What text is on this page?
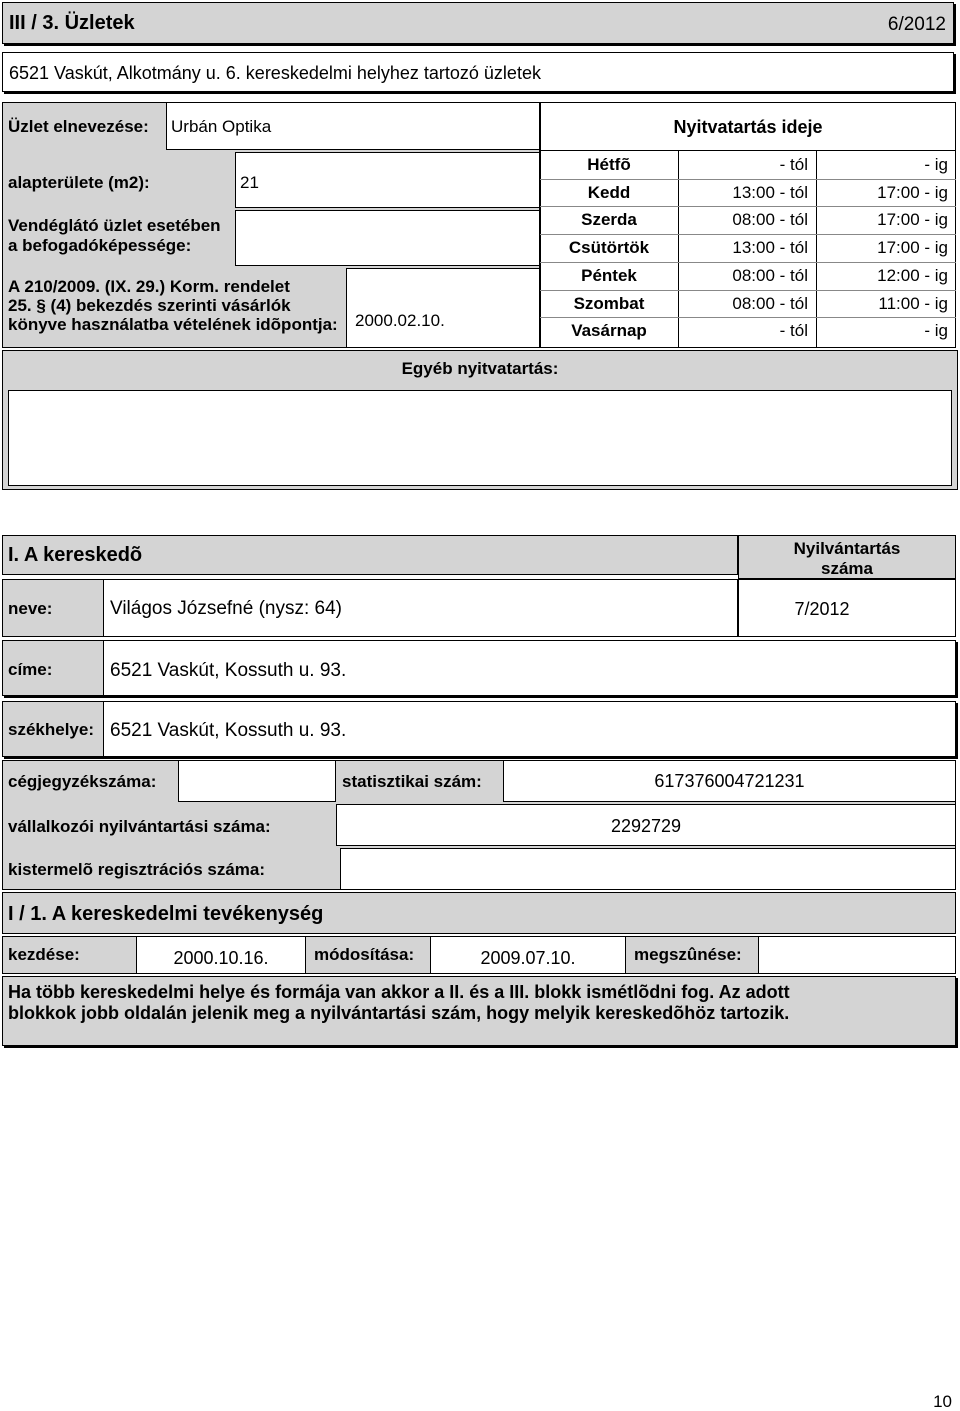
III / 3. Üzletek	6/2012
6521 Vaskút, Alkotmány u. 6. kereskedelmi helyhez tartozó üzletek
Üzlet elnevezése: Urbán Optika
alapterülete (m2):	21
Vendéglátó üzlet esetében
a befogadóképessége:
A 210/2009. (IX. 29.) Korm. rendelet
25. § (4) bekezdés szerinti vásárlók
könyve használatba vételének idõpontja: 2000.02.10.
Nyitvatartás ideje
Hétfõ	- tól	- ig
Kedd	13:00 - tól	17:00 - ig
Szerda	08:00 - tól	17:00 - ig
Csütörtök	13:00 - tól	17:00 - ig
Péntek	08:00 - tól	12:00 - ig
Szombat	08:00 - tól	11:00 - ig
Vasárnap	- tól	- ig
Egyéb nyitvatartás:
I. A kereskedõ	Nyilvántartás
száma
neve:	Világos Józsefné (nysz: 64)	7/2012
címe:	6521 Vaskút, Kossuth u. 93.
székhelye: 6521 Vaskút, Kossuth u. 93.
cégjegyzékszáma:	statisztikai szám:	617376004721231
vállalkozói nyilvántartási száma:	2292729
kistermelõ regisztrációs száma:
I / 1. A kereskedelmi tevékenység
kezdése:	2000.10.16.	módosítása:	2009.07.10.	megszûnése:
Ha több kereskedelmi helye és formája van akkor a II. és a III. blokk ismétlõdni fog. Az adott blokkok jobb oldalán jelenik meg a nyilvántartási szám, hogy melyik kereskedõhöz tartozik.
10
